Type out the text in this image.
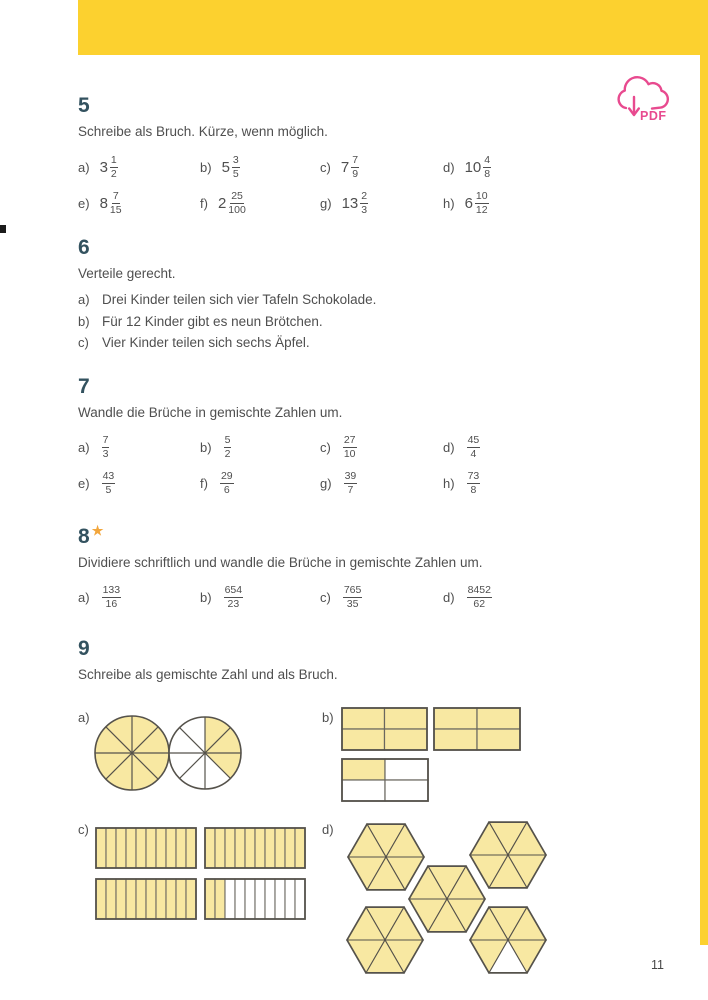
PDF
5

Schreibe als Bruch. Kürze, wenn möglich.

a) $3 \frac{1}{2}$	b) $5 \frac{3}{5}$	c) $7 \frac{7}{9}$	d) $10 \frac{4}{8}$
e) $8 \frac{7}{15}$	f) $2 \frac{25}{100}$	g) $13 \frac{2}{3}$	h) $6 \frac{10}{12}$
6

Verteile gerecht.

a) Drei Kinder teilen sich vier Tafeln Schokolade.
b) Für 12 Kinder gibt es neun Brötchen.
c) Vier Kinder teilen sich sechs Äpfel.
7

Wandle die Brüche in gemischte Zahlen um.

$a) \frac{7}{3}$	$b) \frac{5}{2}$	$c) \frac{27}{10}$	$d) \frac{45}{4}$
$e) \frac{43}{5}$	$f) \frac{29}{6}$	$g) \frac{39}{7}$	$h) \frac{73}{8}$
8 ★

Dividiere schriftlich und wandle die Brüche in gemischte Zahlen um.

$a) \frac{133}{16}$	$b) \frac{654}{23}$	$c) \frac{765}{35}$	$d) \frac{8452}{62}$
9

Schreibe als gemischte Zahl und als Bruch.

a)	b)
c)	d)
11
